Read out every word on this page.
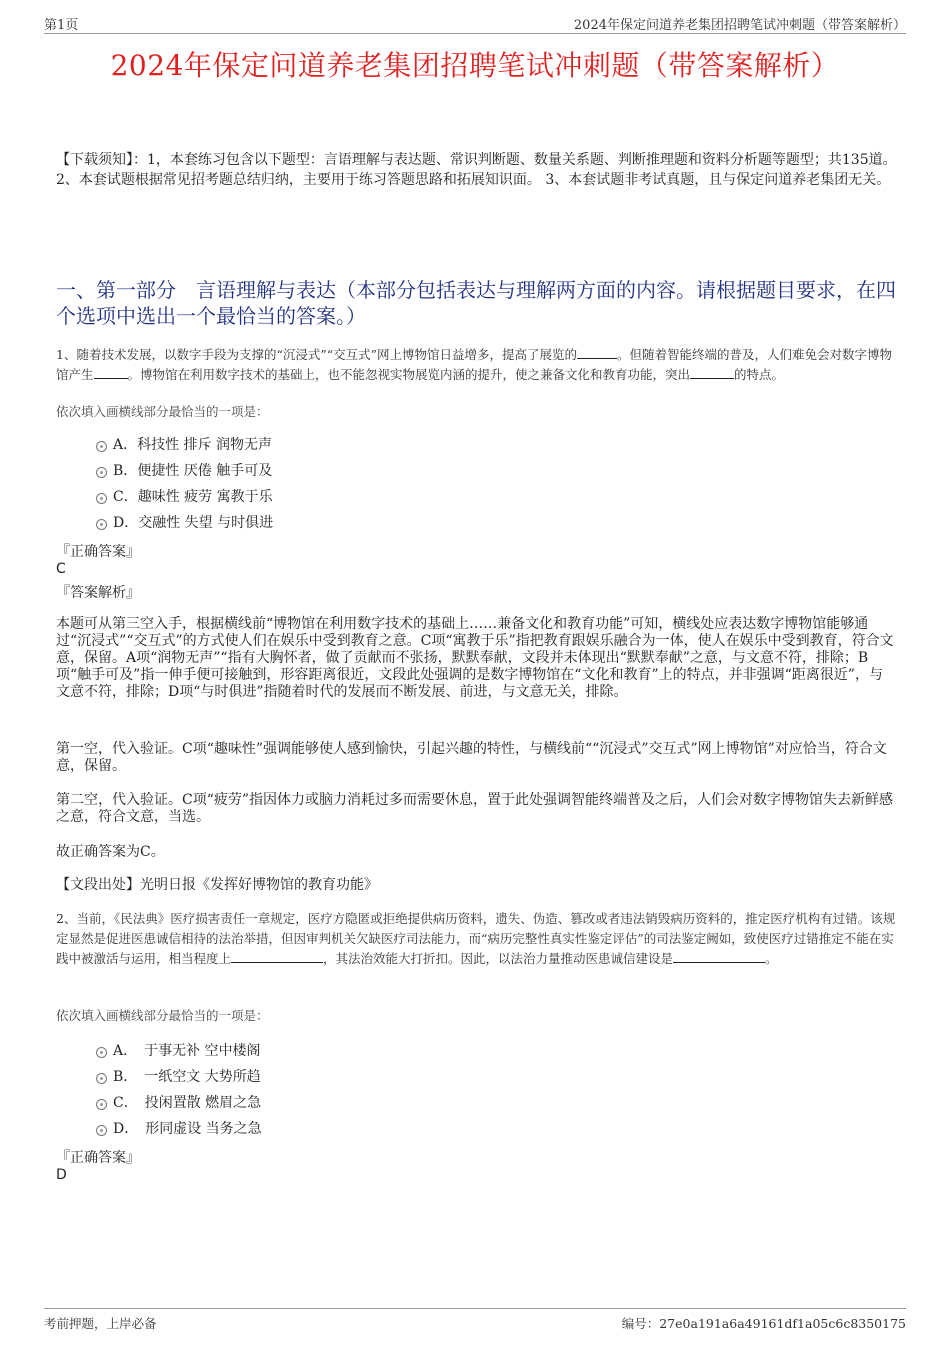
第1页	2024年保定问道养老集团招聘笔试冲刺题（带答案解析）
2024年保定问道养老集团招聘笔试冲刺题（带答案解析）
【下载须知】：1，本套练习包含以下题型：言语理解与表达题、常识判断题、数量关系题、判断推理题和资料分析题等题型；共135道。 2、本套试题根据常见招考题总结归纳，主要用于练习答题思路和拓展知识面。 3、本套试题非考试真题，且与保定问道养老集团无关。
一、第一部分　言语理解与表达（本部分包括表达与理解两方面的内容。请根据题目要求，在四个选项中选出一个最恰当的答案。）
1、随着技术发展，以数字手段为支撑的“沉浸式”“交互式”网上博物馆日益增多，提高了展览的	。但随着智能终端的普及，人们难免会对数字博物馆产生	。博物馆在利用数字技术的基础上，也不能忽视实物展览内涵的提升，使之兼备文化和教育功能，突出	的特点。
依次填入画横线部分最恰当的一项是：
A．科技性 排斥 润物无声
B．便捷性 厌倦 触手可及
C．趣味性 疲劳 寓教于乐
D．交融性 失望 与时俱进
『正确答案』
C
『答案解析』
本题可从第三空入手，根据横线前“博物馆在利用数字技术的基础上……兼备文化和教育功能”可知，横线处应表达数字博物馆能够通过“沉浸式”“交互式”的方式使人们在娱乐中受到教育之意。C项“寓教于乐”指把教育跟娱乐融合为一体，使人在娱乐中受到教育，符合文意，保留。A项“润物无声”“指有大胸怀者，做了贡献而不张扬，默默奉献，文段并未体现出“默默奉献”之意，与文意不符，排除；B项“触手可及”指一伸手便可接触到，形容距离很近，文段此处强调的是数字博物馆在“文化和教育”上的特点，并非强调“距离很近”，与文意不符，排除；D项“与时俱进”指随着时代的发展而不断发展、前进，与文意无关，排除。
第一空，代入验证。C项“趣味性”强调能够使人感到愉快，引起兴趣的特性，与横线前““沉浸式”交互式”网上博物馆”对应恰当，符合文意，保留。
第二空，代入验证。C项“疲劳”指因体力或脑力消耗过多而需要休息，置于此处强调智能终端普及之后，人们会对数字博物馆失去新鲜感之意，符合文意，当选。
故正确答案为C。
【文段出处】光明日报《发挥好博物馆的教育功能》
2、当前，《民法典》医疗损害责任一章规定，医疗方隐匿或拒绝提供病历资料，遗失、伪造、篡改或者违法销毁病历资料的，推定医疗机构有过错。该规定显然是促进医患诚信相待的法治举措，但因审判机关欠缺医疗司法能力，而“病历完整性真实性鉴定评估”的司法鉴定阙如，致使医疗过错推定不能在实践中被激活与运用，相当程度上	，其法治效能大打折扣。因此，以法治力量推动医患诚信建设是	。
依次填入画横线部分最恰当的一项是：
A．　于事无补 空中楼阁
B．　一纸空文 大势所趋
C．　投闲置散 燃眉之急
D．　形同虚设 当务之急
『正确答案』
D
考前押题，上岸必备	编号：27e0a191a6a49161df1a05c6c8350175
